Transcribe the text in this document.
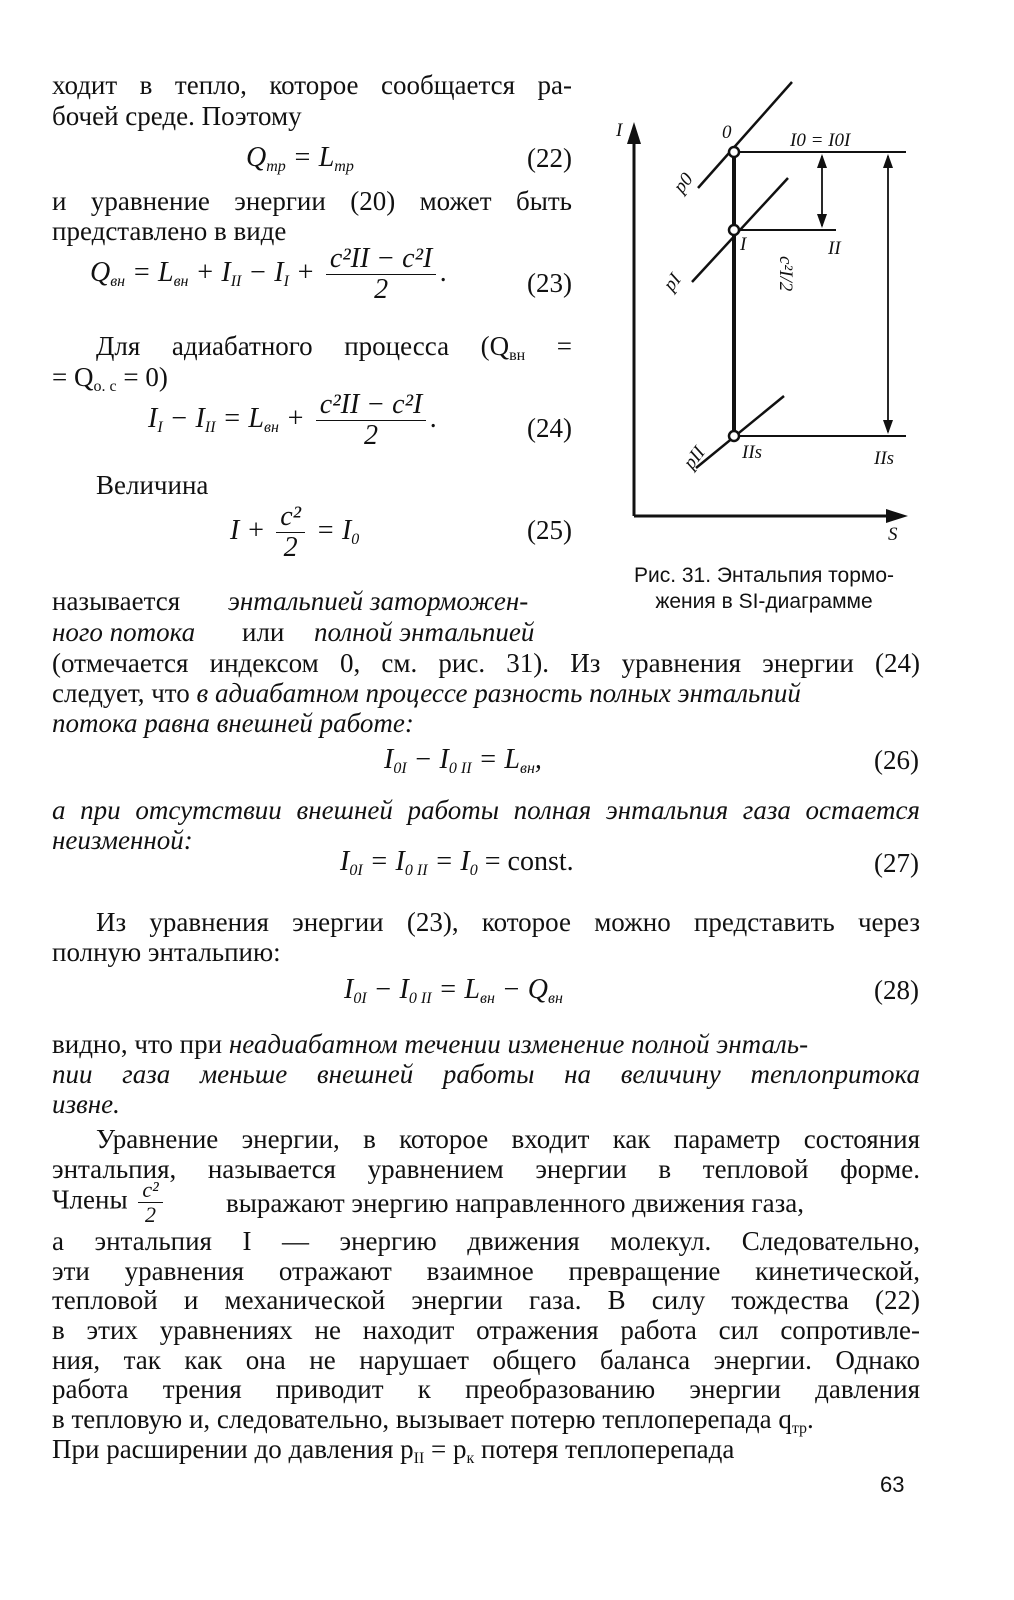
ходит в тепло, которое сообщается ра-
бочей среде. Поэтому
Qтр = Lтр	(22)
и уравнение энергии (20) может быть
представлено в виде
Qвн = Lвн + III − II + $\frac{\text{c²II − c²I}}{2}$ .	(23)
Для адиабатного процесса (Qвн =
= Qо. с = 0)
II − III = Lвн + $\frac{\text{c²II − c²I}}{2}$ .	(24)
Величина
$I + \frac{\text{c²}}{2} = I0$	(25)
называется энтальпией заторможен-
ного потока или полной энтальпией
I
S
0
I
IIs
p0
pI
pII
I0 = I0I
II
c²I/2
IIs
Рис. 31. Энтальпия тормо-
жения в SI-диаграмме
(отмечается индексом 0, см. рис. 31). Из уравнения энергии (24)
следует, что в адиабатном процессе разность полных энтальпий
потока равна внешней работе:
I0I − I0 II = Lвн,	(26)
а при отсутствии внешней работы полная энтальпия газа остается
неизменной:
I0I = I0 II = I0 = const.	(27)
Из уравнения энергии (23), которое можно представить через
полную энтальпию:
I0I − I0 II = Lвн − Qвн	(28)
видно, что при неадиабатном течении изменение полной энталь-
пии газа меньше внешней работы на величину теплопритока
извне.
Уравнение энергии, в которое входит как параметр состояния
энтальпия, называется уравнением энергии в тепловой форме.
Члены $\frac{\text{c²}}{2}$ выражают энергию направленного движения газа,
а энтальпия I — энергию движения молекул. Следовательно,
эти уравнения отражают взаимное превращение кинетической,
тепловой и механической энергии газа. В силу тождества (22)
в этих уравнениях не находит отражения работа сил сопротивле-
ния, так как она не нарушает общего баланса энергии. Однако
работа трения приводит к преобразованию энергии давления
в тепловую и, следовательно, вызывает потерю теплоперепада qтр.
При расширении до давления pII = pк потеря теплоперепада
63
